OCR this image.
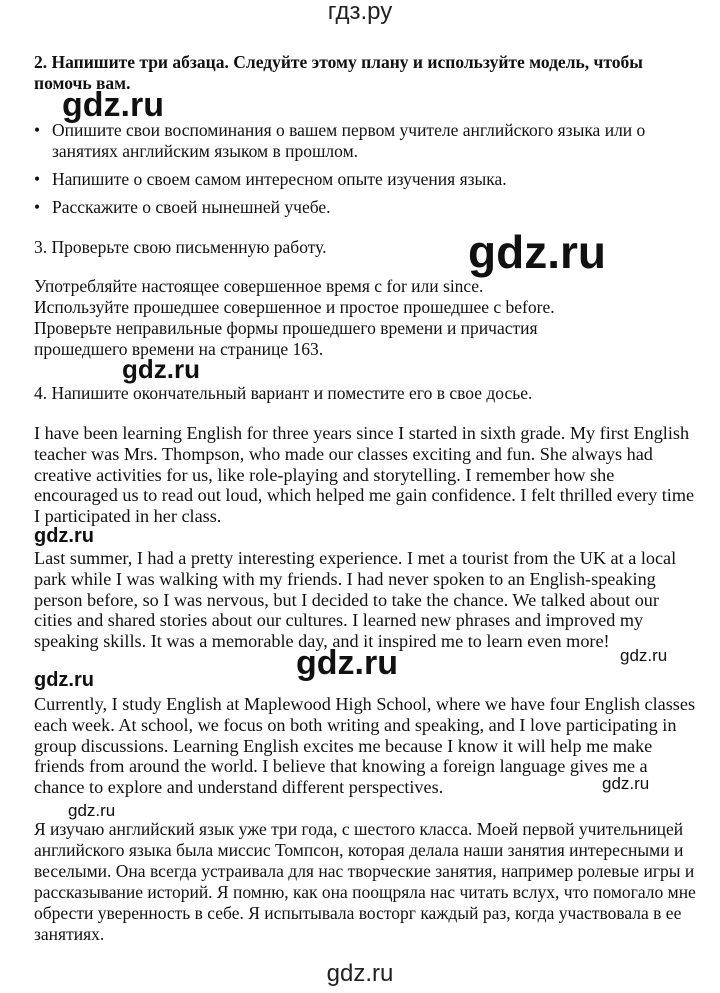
гдз.ру
2. Напишите три абзаца. Следуйте этому плану и используйте модель, чтобы помочь вам.
• Опишите свои воспоминания о вашем первом учителе английского языка или о занятиях английским языком в прошлом.
• Напишите о своем самом интересном опыте изучения языка.
• Расскажите о своей нынешней учебе.
3. Проверьте свою письменную работу.
Употребляйте настоящее совершенное время с for или since.
Используйте прошедшее совершенное и простое прошедшее с before.
Проверьте неправильные формы прошедшего времени и причастия
прошедшего времени на странице 163.
4. Напишите окончательный вариант и поместите его в свое досье.
I have been learning English for three years since I started in sixth grade. My first English teacher was Mrs. Thompson, who made our classes exciting and fun. She always had creative activities for us, like role-playing and storytelling. I remember how she encouraged us to read out loud, which helped me gain confidence. I felt thrilled every time I participated in her class.
Last summer, I had a pretty interesting experience. I met a tourist from the UK at a local park while I was walking with my friends. I had never spoken to an English-speaking person before, so I was nervous, but I decided to take the chance. We talked about our cities and shared stories about our cultures. I learned new phrases and improved my speaking skills. It was a memorable day, and it inspired me to learn even more!
Currently, I study English at Maplewood High School, where we have four English classes each week. At school, we focus on both writing and speaking, and I love participating in group discussions. Learning English excites me because I know it will help me make friends from around the world. I believe that knowing a foreign language gives me a chance to explore and understand different perspectives.
Я изучаю английский язык уже три года, с шестого класса. Моей первой учительницей английского языка была миссис Томпсон, которая делала наши занятия интересными и веселыми. Она всегда устраивала для нас творческие занятия, например ролевые игры и рассказывание историй. Я помню, как она поощряла нас читать вслух, что помогало мне обрести уверенность в себе. Я испытывала восторг каждый раз, когда участвовала в ее занятиях.
gdz.ru
gdz.ru
gdz.ru
gdz.ru
gdz.ru	gdz.ru
gdz.ru
gdz.ru
gdz.ru
gdz.ru
